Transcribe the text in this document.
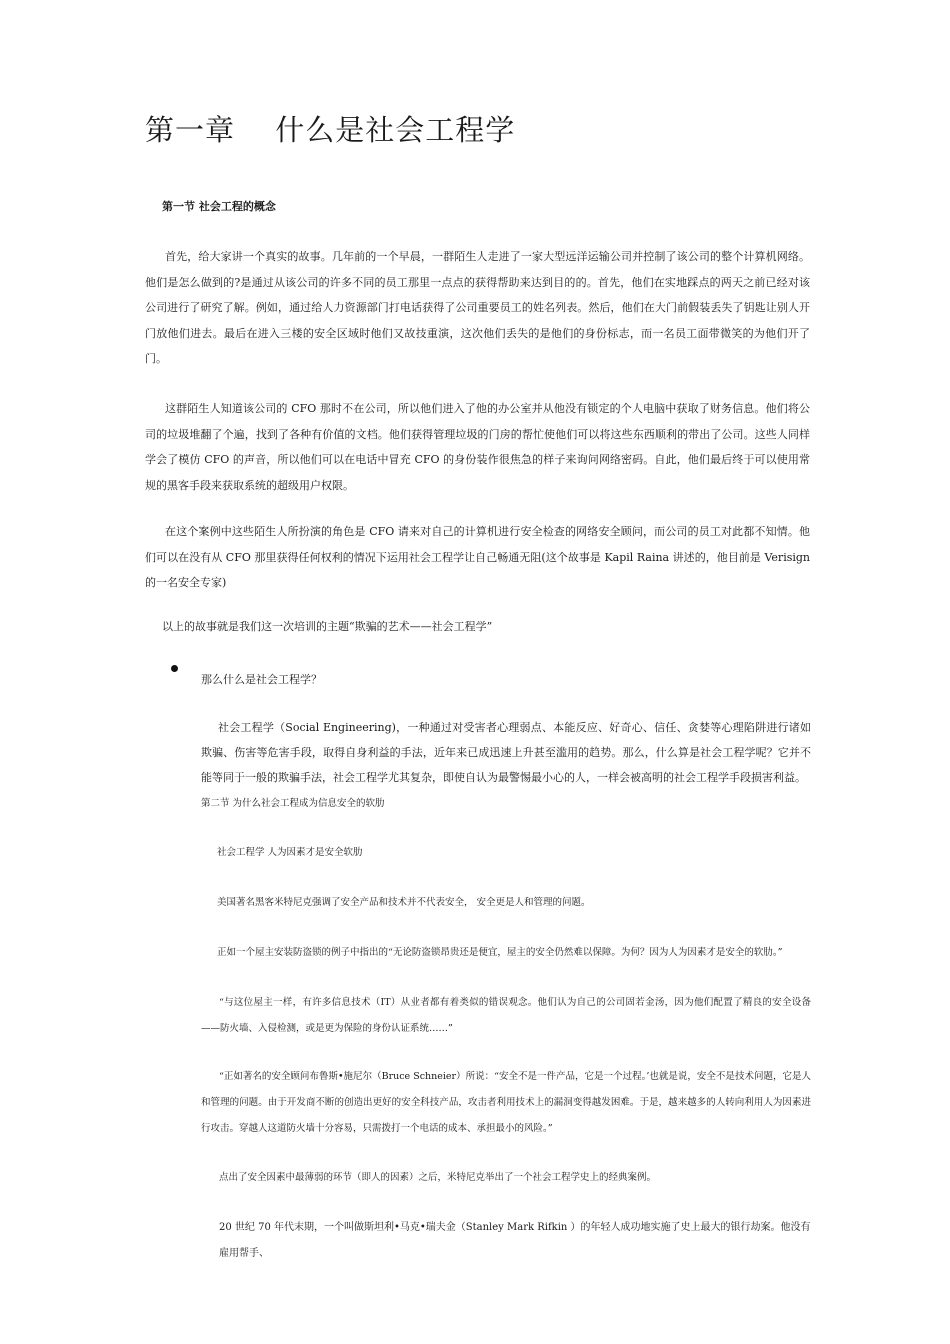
第一章　 什么是社会工程学
第一节 社会工程的概念

首先，给大家讲一个真实的故事。几年前的一个早晨，一群陌生人走进了一家大型远洋运输公司并控制了该公司的整个计算机网络。他们是怎么做到的?是通过从该公司的许多不同的员工那里一点点的获得帮助来达到目的的。首先，他们在实地踩点的两天之前已经对该公司进行了研究了解。例如，通过给人力资源部门打电话获得了公司重要员工的姓名列表。然后，他们在大门前假装丢失了钥匙让别人开门放他们进去。最后在进入三楼的安全区域时他们又故技重演，这次他们丢失的是他们的身份标志，而一名员工面带微笑的为他们开了门。

这群陌生人知道该公司的 CFO 那时不在公司，所以他们进入了他的办公室并从他没有锁定的个人电脑中获取了财务信息。他们将公司的垃圾堆翻了个遍，找到了各种有价值的文档。他们获得管理垃圾的门房的帮忙使他们可以将这些东西顺利的带出了公司。这些人同样学会了模仿 CFO 的声音，所以他们可以在电话中冒充 CFO 的身份装作很焦急的样子来询问网络密码。自此，他们最后终于可以使用常规的黑客手段来获取系统的超级用户权限。

在这个案例中这些陌生人所扮演的角色是 CFO 请来对自己的计算机进行安全检查的网络安全顾问，而公司的员工对此都不知情。他们可以在没有从 CFO 那里获得任何权利的情况下运用社会工程学让自己畅通无阻(这个故事是 Kapil Raina 讲述的，他目前是 Verisign 的一名安全专家)

以上的故事就是我们这一次培训的主题“欺骗的艺术——社会工程学”

那么什么是社会工程学？

社会工程学（Social Engineering)，一种通过对受害者心理弱点、本能反应、好奇心、信任、贪婪等心理陷阱进行诸如欺骗、伤害等危害手段，取得自身利益的手法，近年来已成迅速上升甚至滥用的趋势。那么，什么算是社会工程学呢？它并不能等同于一般的欺骗手法，社会工程学尤其复杂，即使自认为最警惕最小心的人，一样会被高明的社会工程学手段损害利益。

第二节 为什么社会工程成为信息安全的软肋

社会工程学 人为因素才是安全软肋

美国著名黑客米特尼克强调了安全产品和技术并不代表安全， 安全更是人和管理的问题。

正如一个屋主安装防盗锁的例子中指出的“无论防盗锁昂贵还是便宜，屋主的安全仍然难以保障。为何？因为人为因素才是安全的软肋。”

“与这位屋主一样，有许多信息技术（IT）从业者都有着类似的错误观念。他们认为自己的公司固若金汤，因为他们配置了精良的安全设备——防火墙、入侵检测，或是更为保险的身份认证系统……”

“正如著名的安全顾问布鲁斯•施尼尔（Bruce Schneier）所说：“安全不是一件产品，它是一个过程。’也就是说，安全不是技术问题，它是人和管理的问题。由于开发商不断的创造出更好的安全科技产品，攻击者利用技术上的漏洞变得越发困难。于是，越来越多的人转向利用人为因素进行攻击。穿越人这道防火墙十分容易，只需拨打一个电话的成本、承担最小的风险。”

点出了安全因素中最薄弱的环节（即人的因素）之后，米特尼克举出了一个社会工程学史上的经典案例。

20 世纪 70 年代末期，一个叫做斯坦利•马克•瑞夫金（Stanley Mark Rifkin ）的年轻人成功地实施了史上最大的银行劫案。他没有雇用帮手、
